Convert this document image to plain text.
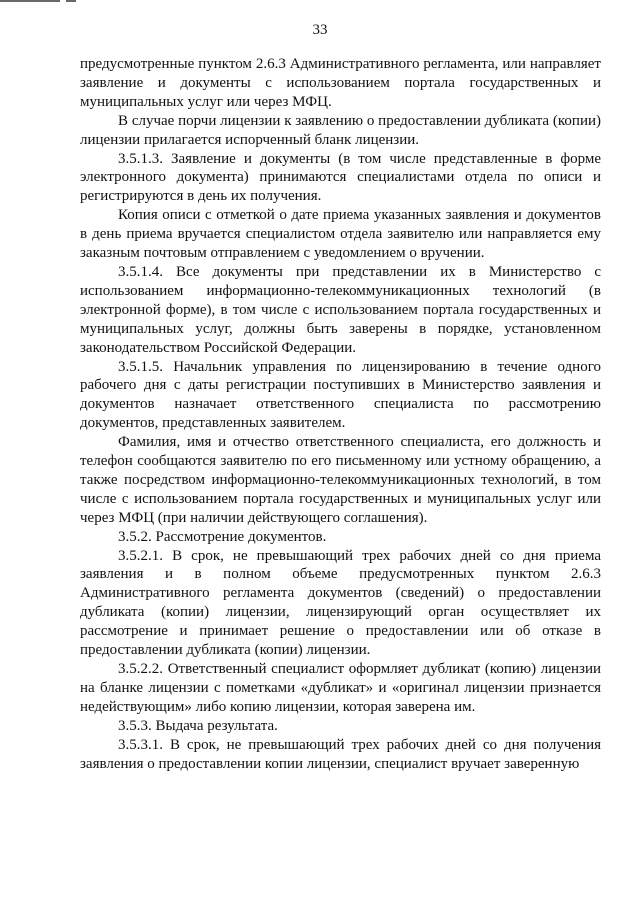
33

предусмотренные пунктом 2.6.3 Административного регламента, или направляет заявление и документы с использованием портала государственных и муниципальных услуг или через МФЦ.

В случае порчи лицензии к заявлению о предоставлении дубликата (копии) лицензии прилагается испорченный бланк лицензии.

3.5.1.3. Заявление и документы (в том числе представленные в форме электронного документа) принимаются специалистами отдела по описи и регистрируются в день их получения.

Копия описи с отметкой о дате приема указанных заявления и документов в день приема вручается специалистом отдела заявителю или направляется ему заказным почтовым отправлением с уведомлением о вручении.

3.5.1.4. Все документы при представлении их в Министерство с использованием информационно-телекоммуникационных технологий (в электронной форме), в том числе с использованием портала государственных и муниципальных услуг, должны быть заверены в порядке, установленном законодательством Российской Федерации.

3.5.1.5. Начальник управления по лицензированию в течение одного рабочего дня с даты регистрации поступивших в Министерство заявления и документов назначает ответственного специалиста по рассмотрению документов, представленных заявителем.

Фамилия, имя и отчество ответственного специалиста, его должность и телефон сообщаются заявителю по его письменному или устному обращению, а также посредством информационно-телекоммуникационных технологий, в том числе с использованием портала государственных и муниципальных услуг или через МФЦ (при наличии действующего соглашения).

3.5.2. Рассмотрение документов.

3.5.2.1. В срок, не превышающий трех рабочих дней со дня приема заявления и в полном объеме предусмотренных пунктом 2.6.3 Административного регламента документов (сведений) о предоставлении дубликата (копии) лицензии, лицензирующий орган осуществляет их рассмотрение и принимает решение о предоставлении или об отказе в предоставлении дубликата (копии) лицензии.

3.5.2.2. Ответственный специалист оформляет дубликат (копию) лицензии на бланке лицензии с пометками «дубликат» и «оригинал лицензии признается недействующим» либо копию лицензии, которая заверена им.

3.5.3. Выдача результата.

3.5.3.1. В срок, не превышающий трех рабочих дней со дня получения заявления о предоставлении копии лицензии, специалист вручает заверенную
